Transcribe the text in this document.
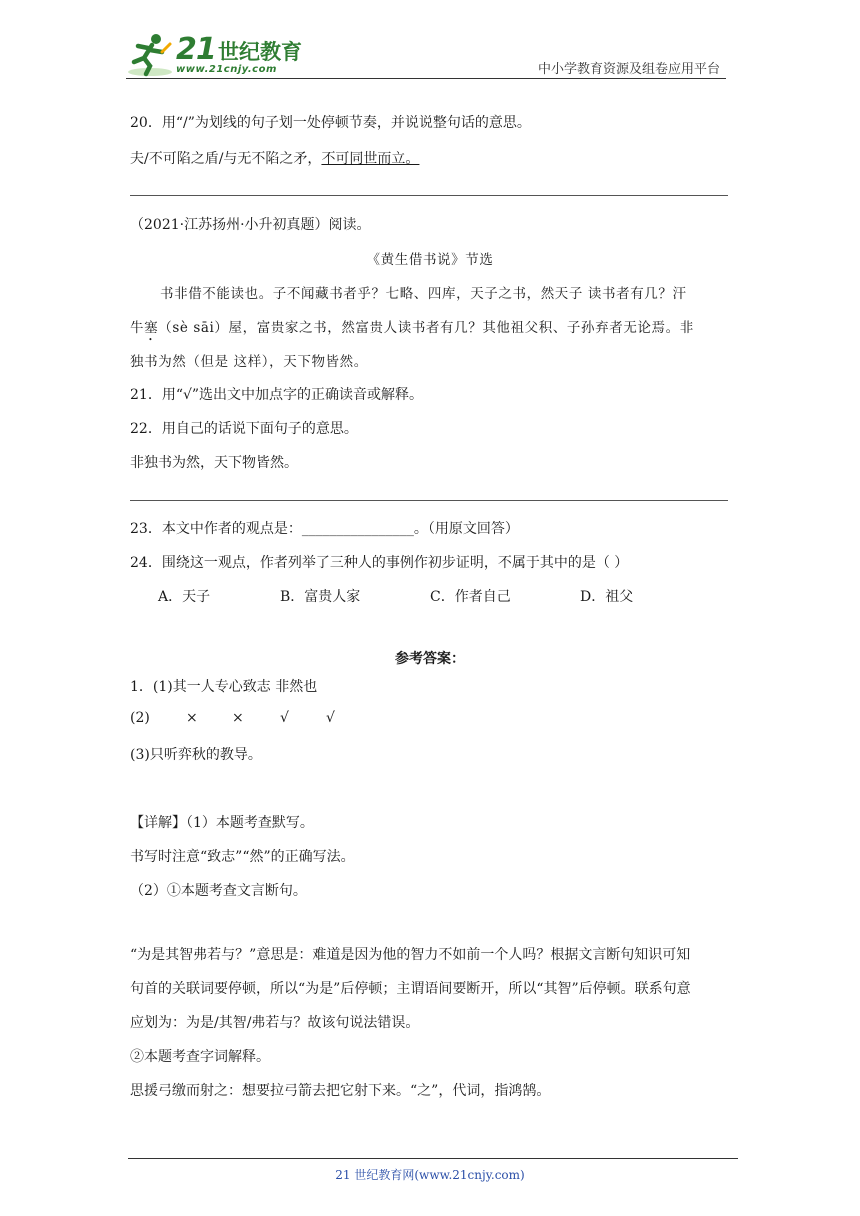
21 世纪教育
www.21cnjy.com	中小学教育资源及组卷应用平台
20．用“/”为划线的句子划一处停顿节奏，并说说整句话的意思。
夫/不可陷之盾/与无不陷之矛，不可同世而立。
（2021·江苏扬州·小升初真题）阅读。
《黄生借书说》节选
书非借不能读也。子不闻藏书者乎？七略、四库，天子之书，然天子 读书者有几？汗
牛塞（sè sāi）屋，富贵家之书，然富贵人读书者有几？其他祖父积、子孙弃者无论焉。非
独书为然（但是 这样），天下物皆然。
21．用“√”选出文中加点字的正确读音或解释。
22．用自己的话说下面句子的意思。
非独书为然，天下物皆然。
23．本文中作者的观点是：________________。（用原文回答）
24．围绕这一观点，作者列举了三种人的事例作初步证明，不属于其中的是（ ）
A．天子	B．富贵人家	C．作者自己	D．祖父
参考答案：
1．(1)其一人专心致志 非然也
(2)	× ×	√	√
(3)只听弈秋的教导。
【详解】（1）本题考查默写。
书写时注意“致志”“然”的正确写法。
（2）①本题考查文言断句。
“为是其智弗若与？”意思是：难道是因为他的智力不如前一个人吗？根据文言断句知识可知
句首的关联词要停顿，所以“为是”后停顿；主谓语间要断开，所以“其智”后停顿。联系句意
应划为：为是/其智/弗若与？故该句说法错误。
②本题考查字词解释。
思援弓缴而射之：想要拉弓箭去把它射下来。“之”，代词，指鸿鹄。
21 世纪教育网(www.21cnjy.com)
